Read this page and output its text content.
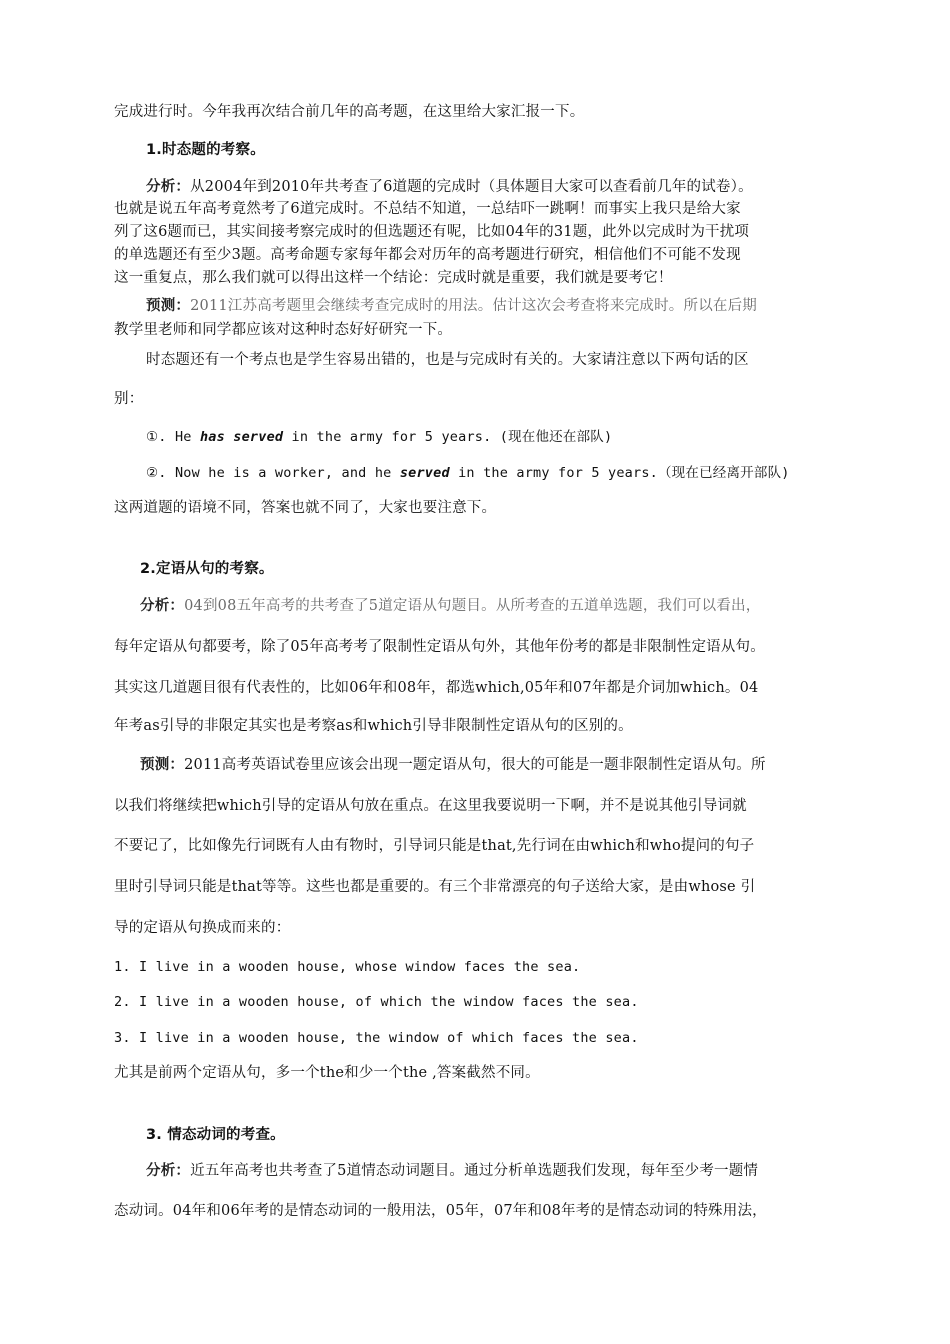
完成进行时。今年我再次结合前几年的高考题，在这里给大家汇报一下。
1.时态题的考察。
分析：从2004年到2010年共考查了6道题的完成时（具体题目大家可以查看前几年的试卷）。
也就是说五年高考竟然考了6道完成时。不总结不知道，一总结吓一跳啊！而事实上我只是给大家
列了这6题而已，其实间接考察完成时的但选题还有呢，比如04年的31题，此外以完成时为干扰项
的单选题还有至少3题。高考命题专家每年都会对历年的高考题进行研究，相信他们不可能不发现
这一重复点，那么我们就可以得出这样一个结论：完成时就是重要，我们就是要考它！
预测：2011江苏高考题里会继续考查完成时的用法。估计这次会考查将来完成时。所以在后期
教学里老师和同学都应该对这种时态好好研究一下。
时态题还有一个考点也是学生容易出错的，也是与完成时有关的。大家请注意以下两句话的区
别：
①. He has served in the army for 5 years. (现在他还在部队)
②. Now he is a worker, and he served in the army for 5 years.（现在已经离开部队)
这两道题的语境不同，答案也就不同了，大家也要注意下。
2.定语从句的考察。
分析：04到08五年高考的共考查了5道定语从句题目。从所考查的五道单选题，我们可以看出，
每年定语从句都要考，除了05年高考考了限制性定语从句外，其他年份考的都是非限制性定语从句。
其实这几道题目很有代表性的，比如06年和08年，都选which,05年和07年都是介词加which。04
年考as引导的非限定其实也是考察as和which引导非限制性定语从句的区别的。
预测：2011高考英语试卷里应该会出现一题定语从句，很大的可能是一题非限制性定语从句。所
以我们将继续把which引导的定语从句放在重点。在这里我要说明一下啊，并不是说其他引导词就
不要记了，比如像先行词既有人由有物时，引导词只能是that,先行词在由which和who提问的句子
里时引导词只能是that等等。这些也都是重要的。有三个非常漂亮的句子送给大家，是由whose 引
导的定语从句换成而来的：
1. I live in a wooden house, whose window faces the sea.
2. I live in a wooden house, of which the window faces the sea.
3. I live in a wooden house, the window of which faces the sea.
尤其是前两个定语从句，多一个the和少一个the ,答案截然不同。
3. 情态动词的考查。
分析：近五年高考也共考查了5道情态动词题目。通过分析单选题我们发现，每年至少考一题情
态动词。04年和06年考的是情态动词的一般用法，05年，07年和08年考的是情态动词的特殊用法，
